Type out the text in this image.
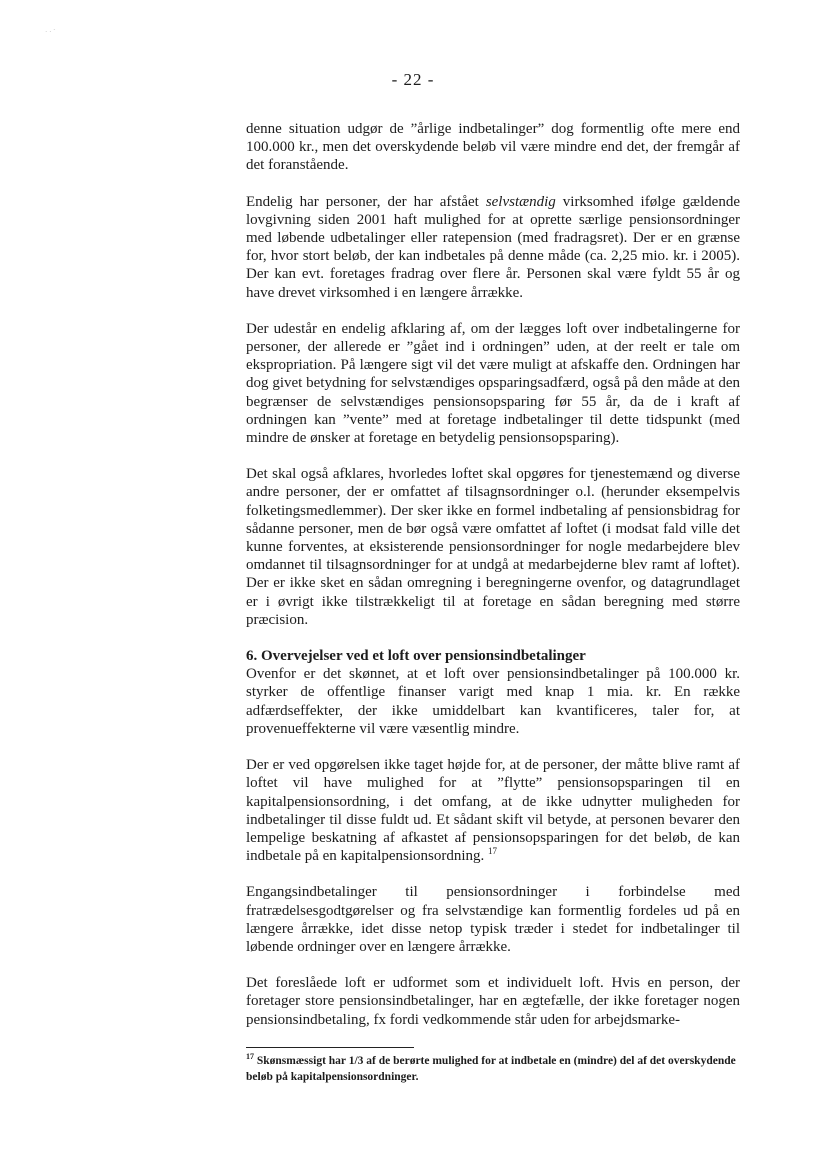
· · ´
- 22 -

denne situation udgør de ”årlige indbetalinger” dog formentlig ofte mere end 100.000 kr., men det overskydende beløb vil være mindre end det, der fremgår af det foranstående.

Endelig har personer, der har afstået selvstændig virksomhed ifølge gældende lovgivning siden 2001 haft mulighed for at oprette særlige pensionsordninger med løbende udbetalinger eller ratepension (med fradragsret). Der er en grænse for, hvor stort beløb, der kan indbetales på denne måde (ca. 2,25 mio. kr. i 2005). Der kan evt. foretages fradrag over flere år. Personen skal være fyldt 55 år og have drevet virksomhed i en længere årrække.

Der udestår en endelig afklaring af, om der lægges loft over indbetalingerne for personer, der allerede er ”gået ind i ordningen” uden, at der reelt er tale om ekspropriation. På længere sigt vil det være muligt at afskaffe den. Ordningen har dog givet betydning for selvstændiges opsparingsadfærd, også på den måde at den begrænser de selvstændiges pensionsopsparing før 55 år, da de i kraft af ordningen kan ”vente” med at foretage indbetalinger til dette tidspunkt (med mindre de ønsker at foretage en betydelig pensionsopsparing).

Det skal også afklares, hvorledes loftet skal opgøres for tjenestemænd og diverse andre personer, der er omfattet af tilsagnsordninger o.l. (herunder eksempelvis folketingsmedlemmer). Der sker ikke en formel indbetaling af pensionsbidrag for sådanne personer, men de bør også være omfattet af loftet (i modsat fald ville det kunne forventes, at eksisterende pensionsordninger for nogle medarbejdere blev omdannet til tilsagnsordninger for at undgå at medarbejderne blev ramt af loftet). Der er ikke sket en sådan omregning i beregningerne ovenfor, og datagrundlaget er i øvrigt ikke tilstrækkeligt til at foretage en sådan beregning med større præcision.

6. Overvejelser ved et loft over pensionsindbetalinger

Ovenfor er det skønnet, at et loft over pensionsindbetalinger på 100.000 kr. styrker de offentlige finanser varigt med knap 1 mia. kr. En række adfærdseffekter, der ikke umiddelbart kan kvantificeres, taler for, at provenueffekterne vil være væsentlig mindre.

Der er ved opgørelsen ikke taget højde for, at de personer, der måtte blive ramt af loftet vil have mulighed for at ”flytte” pensionsopsparingen til en kapitalpensionsordning, i det omfang, at de ikke udnytter muligheden for indbetalinger til disse fuldt ud. Et sådant skift vil betyde, at personen bevarer den lempelige beskatning af afkastet af pensionsopsparingen for det beløb, de kan indbetale på en kapitalpensionsordning. $^{17}$

Engangsindbetalinger til pensionsordninger i forbindelse med fratrædelsesgodtgørelser og fra selvstændige kan formentlig fordeles ud på en længere årrække, idet disse netop typisk træder i stedet for indbetalinger til løbende ordninger over en længere årrække.

Det foreslåede loft er udformet som et individuelt loft. Hvis en person, der foretager store pensionsindbetalinger, har en ægtefælle, der ikke foretager nogen pensionsindbetaling, fx fordi vedkommende står uden for arbejdsmarke-

$^{17}$ Skønsmæssigt har 1/3 af de berørte mulighed for at indbetale en (mindre) del af det overskydende beløb på kapitalpensionsordninger.
